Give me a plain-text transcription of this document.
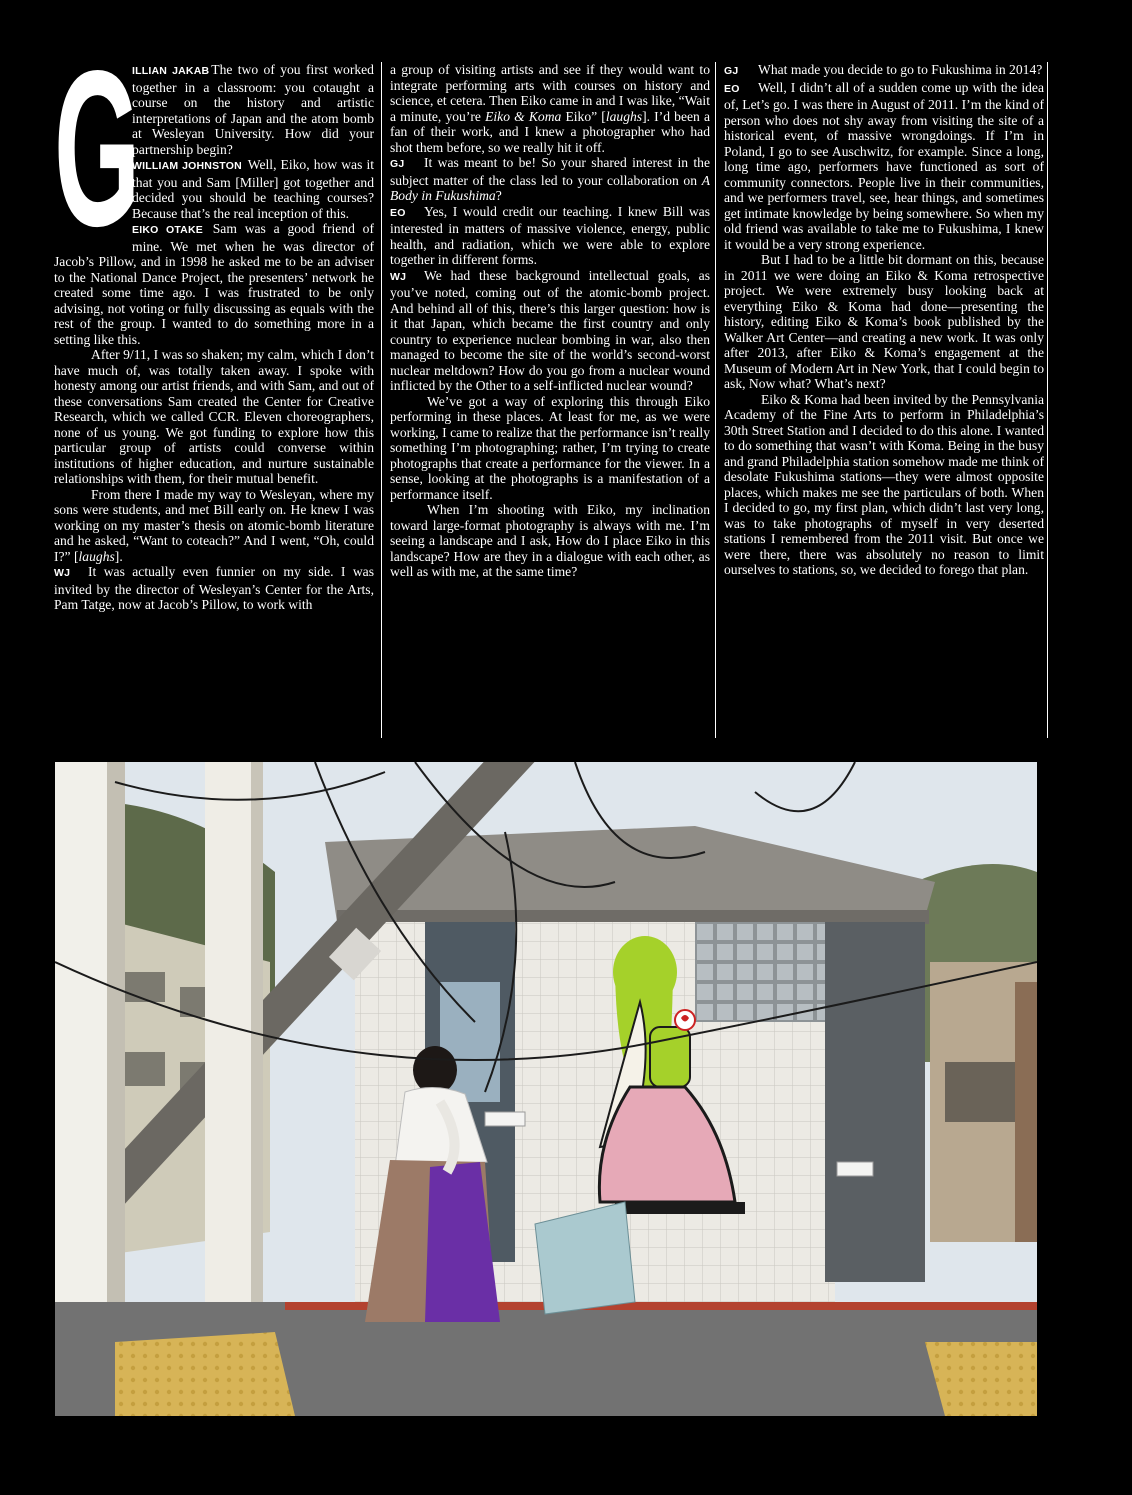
G

ILLIAN JAKAB The two of you first worked together in a classroom: you cotaught a course on the history and artistic interpretations of Japan and the atom bomb at Wesleyan University. How did your partnership begin?

WILLIAM JOHNSTON Well, Eiko, how was it that you and Sam [Miller] got together and decided you should be teaching courses? Because that’s the real inception of this.

EIKO OTAKE Sam was a good friend of mine. We met when he was director of Jacob’s Pillow, and in 1998 he asked me to be an adviser to the National Dance Project, the presenters’ network he created some time ago. I was frustrated to be only advising, not voting or fully discussing as equals with the rest of the group. I wanted to do something more in a setting like this.

After 9/11, I was so shaken; my calm, which I don’t have much of, was totally taken away. I spoke with honesty among our artist friends, and with Sam, and out of these conversations Sam created the Center for Creative Research, which we called CCR. Eleven choreographers, none of us young. We got funding to explore how this particular group of artists could converse within institutions of higher education, and nurture sustainable relationships with them, for their mutual benefit.

From there I made my way to Wesleyan, where my sons were students, and met Bill early on. He knew I was working on my master’s thesis on atomic-bomb literature and he asked, “Want to coteach?” And I went, “Oh, could I?” [laughs].

WJ It was actually even funnier on my side. I was invited by the director of Wesleyan’s Center for the Arts, Pam Tatge, now at Jacob’s Pillow, to work with

a group of visiting artists and see if they would want to integrate performing arts with courses on history and science, et cetera. Then Eiko came in and I was like, “Wait a minute, you’re Eiko & Koma Eiko” [laughs]. I’d been a fan of their work, and I knew a photographer who had shot them before, so we really hit it off.

GJ It was meant to be! So your shared interest in the subject matter of the class led to your collaboration on A Body in Fukushima?

EO Yes, I would credit our teaching. I knew Bill was interested in matters of massive violence, energy, public health, and radiation, which we were able to explore together in different forms.

WJ We had these background intellectual goals, as you’ve noted, coming out of the atomic-bomb project. And behind all of this, there’s this larger question: how is it that Japan, which became the first country and only country to experience nuclear bombing in war, also then managed to become the site of the world’s second-worst nuclear meltdown? How do you go from a nuclear wound inflicted by the Other to a self-inflicted nuclear wound?

We’ve got a way of exploring this through Eiko performing in these places. At least for me, as we were working, I came to realize that the performance isn’t really something I’m photographing; rather, I’m trying to create photographs that create a performance for the viewer. In a sense, looking at the photographs is a manifestation of a performance itself.

When I’m shooting with Eiko, my inclination toward large-format photography is always with me. I’m seeing a landscape and I ask, How do I place Eiko in this landscape? How are they in a dialogue with each other, as well as with me, at the same time?

GJ What made you decide to go to Fukushima in 2014?

EO Well, I didn’t all of a sudden come up with the idea of, Let’s go. I was there in August of 2011. I’m the kind of person who does not shy away from visiting the site of a historical event, of massive wrongdoings. If I’m in Poland, I go to see Auschwitz, for example. Since a long, long time ago, performers have functioned as sort of community connectors. People live in their communities, and we performers travel, see, hear things, and sometimes get intimate knowledge by being somewhere. So when my old friend was available to take me to Fukushima, I knew it would be a very strong experience.

But I had to be a little bit dormant on this, because in 2011 we were doing an Eiko & Koma retrospective project. We were extremely busy looking back at everything Eiko & Koma had done—presenting the history, editing Eiko & Koma’s book published by the Walker Art Center—and creating a new work. It was only after 2013, after Eiko & Koma’s engagement at the Museum of Modern Art in New York, that I could begin to ask, Now what? What’s next?

Eiko & Koma had been invited by the Pennsylvania Academy of the Fine Arts to perform in Philadelphia’s 30th Street Station and I decided to do this alone. I wanted to do something that wasn’t with Koma. Being in the busy and grand Philadelphia station somehow made me think of desolate Fukushima stations—they were almost opposite places, which makes me see the particulars of both. When I decided to go, my first plan, which didn’t last very long, was to take photographs of myself in very deserted stations I remembered from the 2011 visit. But once we were there, there was absolutely no reason to limit ourselves to stations, so, we decided to forego that plan.
